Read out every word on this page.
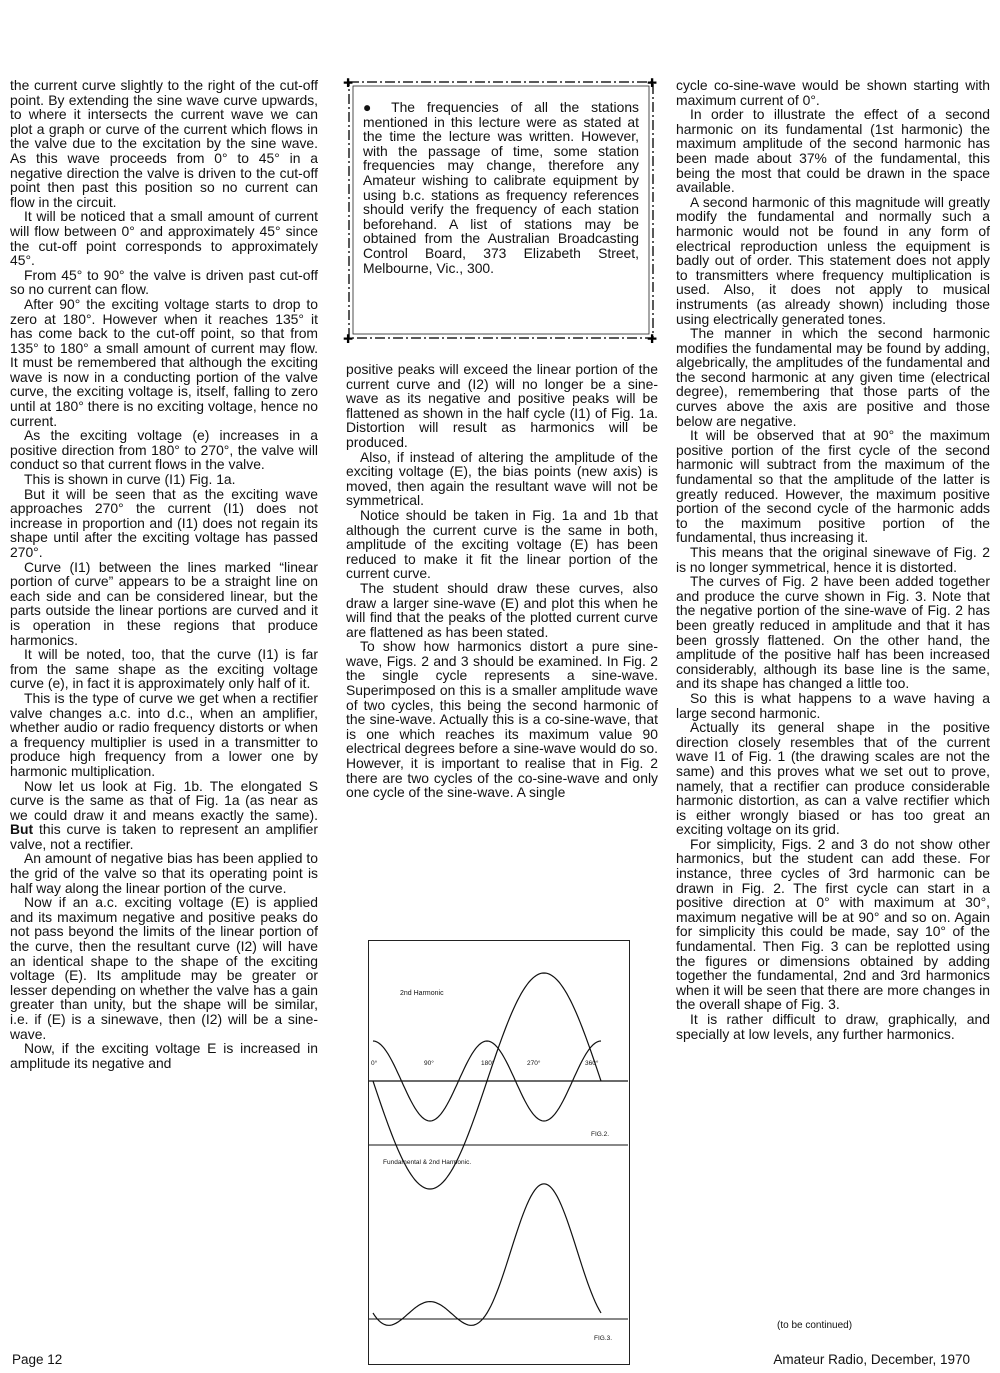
the current curve slightly to the right of the cut-off point. By extending the sine wave curve upwards, to where it intersects the current wave we can plot a graph or curve of the current which flows in the valve due to the excitation by the sine wave. As this wave proceeds from 0° to 45° in a negative direction the valve is driven to the cut-off point then past this position so no current can flow in the circuit.

It will be noticed that a small amount of current will flow between 0° and approximately 45° since the cut-off point corresponds to approximately 45°.

From 45° to 90° the valve is driven past cut-off so no current can flow.

After 90° the exciting voltage starts to drop to zero at 180°. However when it reaches 135° it has come back to the cut-off point, so that from 135° to 180° a small amount of current may flow. It must be remembered that although the exciting wave is now in a conducting portion of the valve curve, the exciting voltage is, itself, falling to zero until at 180° there is no exciting voltage, hence no current.

As the exciting voltage (e) increases in a positive direction from 180° to 270°, the valve will conduct so that current flows in the valve.

This is shown in curve (I1) Fig. 1a.

But it will be seen that as the exciting wave approaches 270° the current (I1) does not increase in proportion and (I1) does not regain its shape until after the exciting voltage has passed 270°.

Curve (I1) between the lines marked “linear portion of curve” appears to be a straight line on each side and can be considered linear, but the parts outside the linear portions are curved and it is operation in these regions that produce harmonics.

It will be noted, too, that the curve (I1) is far from the same shape as the exciting voltage curve (e), in fact it is approximately only half of it.

This is the type of curve we get when a rectifier valve changes a.c. into d.c., when an amplifier, whether audio or radio frequency distorts or when a frequency multiplier is used in a transmitter to produce high frequency from a lower one by harmonic multiplication.

Now let us look at Fig. 1b. The elongated S curve is the same as that of Fig. 1a (as near as we could draw it and means exactly the same). But this curve is taken to represent an amplifier valve, not a rectifier.

An amount of negative bias has been applied to the grid of the valve so that its operating point is half way along the linear portion of the curve.

Now if an a.c. exciting voltage (E) is applied and its maximum negative and positive peaks do not pass beyond the limits of the linear portion of the curve, then the resultant curve (I2) will have an identical shape to the shape of the exciting voltage (E). Its amplitude may be greater or lesser depending on whether the valve has a gain greater than unity, but the shape will be similar, i.e. if (E) is a sinewave, then (I2) will be a sine-wave.

Now, if the exciting voltage E is increased in amplitude its negative and

✚	✚
✚	✚
● The frequencies of all the stations mentioned in this lecture were as stated at the time the lecture was written. However, with the passage of time, some station frequencies may change, therefore any Amateur wishing to calibrate equipment by using b.c. stations as frequency references should verify the frequency of each station beforehand. A list of stations may be obtained from the Australian Broadcasting Control Board, 373 Elizabeth Street, Melbourne, Vic., 300.

positive peaks will exceed the linear portion of the current curve and (I2) will no longer be a sine-wave as its negative and positive peaks will be flattened as shown in the half cycle (I1) of Fig. 1a. Distortion will result as harmonics will be produced.

Also, if instead of altering the amplitude of the exciting voltage (E), the bias points (new axis) is moved, then again the resultant wave will not be symmetrical.

Notice should be taken in Fig. 1a and 1b that although the current curve is the same in both, amplitude of the exciting voltage (E) has been reduced to make it fit the linear portion of the current curve.

The student should draw these curves, also draw a larger sine-wave (E) and plot this when he will find that the peaks of the plotted current curve are flattened as has been stated.

To show how harmonics distort a pure sine-wave, Figs. 2 and 3 should be examined. In Fig. 2 the single cycle represents a sine-wave. Superimposed on this is a smaller amplitude wave of two cycles, this being the second harmonic of the sine-wave. Actually this is a co-sine-wave, that is one which reaches its maximum value 90 electrical degrees before a sine-wave would do so. However, it is important to realise that in Fig. 2 there are two cycles of the co-sine-wave and only one cycle of the sine-wave. A single

2nd Harmonic
0°	90°	180°	270°	360°
FIG.2.
Fundamental & 2nd Harmonic.
FIG.3.

cycle co-sine-wave would be shown starting with maximum current of 0°.

In order to illustrate the effect of a second harmonic on its fundamental (1st harmonic) the maximum amplitude of the second harmonic has been made about 37% of the fundamental, this being the most that could be drawn in the space available.

A second harmonic of this magnitude will greatly modify the fundamental and normally such a harmonic would not be found in any form of electrical reproduction unless the equipment is badly out of order. This statement does not apply to transmitters where frequency multiplication is used. Also, it does not apply to musical instruments (as already shown) including those using electrically generated tones.

The manner in which the second harmonic modifies the fundamental may be found by adding, algebrically, the amplitudes of the fundamental and the second harmonic at any given time (electrical degree), remembering that those parts of the curves above the axis are positive and those below are negative.

It will be observed that at 90° the maximum positive portion of the first cycle of the second harmonic will subtract from the maximum of the fundamental so that the amplitude of the latter is greatly reduced. However, the maximum positive portion of the second cycle of the harmonic adds to the maximum positive portion of the fundamental, thus increasing it.

This means that the original sinewave of Fig. 2 is no longer symmetrical, hence it is distorted.

The curves of Fig. 2 have been added together and produce the curve shown in Fig. 3. Note that the negative portion of the sine-wave of Fig. 2 has been greatly reduced in amplitude and that it has been grossly flattened. On the other hand, the amplitude of the positive half has been increased considerably, although its base line is the same, and its shape has changed a little too.

So this is what happens to a wave having a large second harmonic.

Actually its general shape in the positive direction closely resembles that of the current wave I1 of Fig. 1 (the drawing scales are not the same) and this proves what we set out to prove, namely, that a rectifier can produce considerable harmonic distortion, as can a valve rectifier which is either wrongly biased or has too great an exciting voltage on its grid.

For simplicity, Figs. 2 and 3 do not show other harmonics, but the student can add these. For instance, three cycles of 3rd harmonic can be drawn in Fig. 2. The first cycle can start in a positive direction at 0° with maximum at 30°, maximum negative will be at 90° and so on. Again for simplicity this could be made, say 10° of the fundamental. Then Fig. 3 can be replotted using the figures or dimensions obtained by adding together the fundamental, 2nd and 3rd harmonics when it will be seen that there are more changes in the overall shape of Fig. 3.

It is rather difficult to draw, graphically, and specially at low levels, any further harmonics.

(to be continued)
Page 12	Amateur Radio, December, 1970
